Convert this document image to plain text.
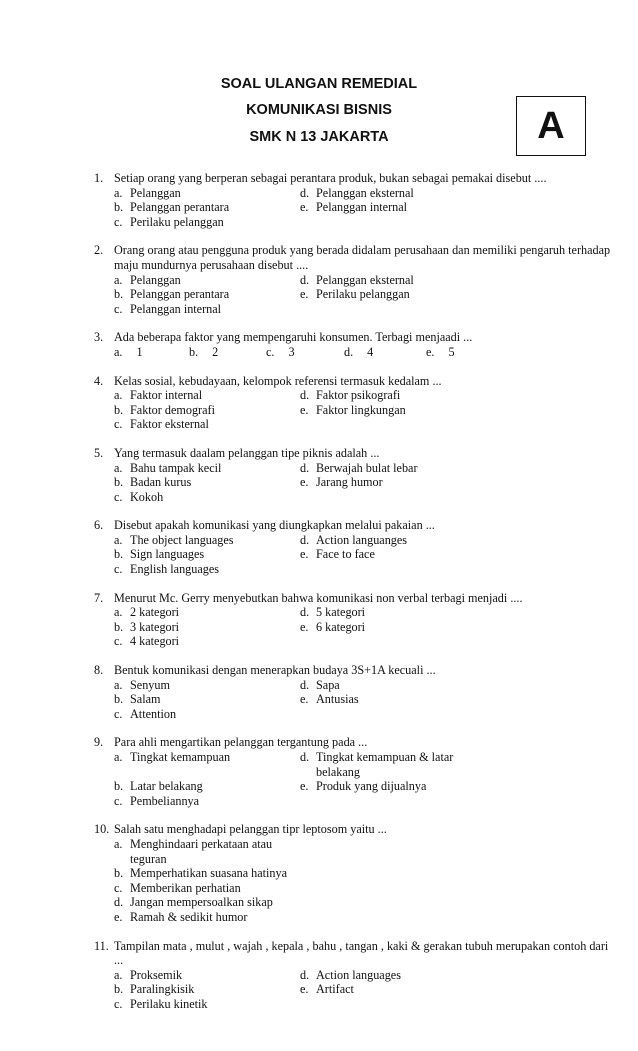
SOAL ULANGAN REMEDIAL
KOMUNIKASI BISNIS
SMK N 13 JAKARTA	A
1. Setiap orang yang berperan sebagai perantara produk, bukan sebagai pemakai disebut ....
a. Pelanggan	d. Pelanggan eksternal
b. Pelanggan perantara	e. Pelanggan internal
c. Perilaku pelanggan
2. Orang orang atau pengguna produk yang berada didalam perusahaan dan memiliki pengaruh terhadap maju mundurnya perusahaan disebut ....
a. Pelanggan	d. Pelanggan eksternal
b. Pelanggan perantara	e. Perilaku pelanggan
c. Pelanggan internal
3. Ada beberapa faktor yang mempengaruhi konsumen. Terbagi menjaadi ...
a. 1	b. 2	c. 3	d. 4	e. 5
4. Kelas sosial, kebudayaan, kelompok referensi termasuk kedalam ...
a. Faktor internal	d. Faktor psikografi
b. Faktor demografi	e. Faktor lingkungan
c. Faktor eksternal
5. Yang termasuk daalam pelanggan tipe piknis adalah ...
a. Bahu tampak kecil	d. Berwajah bulat lebar
b. Badan kurus	e. Jarang humor
c. Kokoh
6. Disebut apakah komunikasi yang diungkapkan melalui pakaian ...
a. The object languages	d. Action languanges
b. Sign languages	e. Face to face
c. English languages
7. Menurut Mc. Gerry menyebutkan bahwa komunikasi non verbal terbagi menjadi ....
a. 2 kategori	d. 5 kategori
b. 3 kategori	e. 6 kategori
c. 4 kategori
8. Bentuk komunikasi dengan menerapkan budaya 3S+1A kecuali ...
a. Senyum	d. Sapa
b. Salam	e. Antusias
c. Attention
9. Para ahli mengartikan pelanggan tergantung pada ...
a. Tingkat kemampuan	d. Tingkat kemampuan & latar belakang
b. Latar belakang	e. Produk yang dijualnya
c. Pembeliannya
10. Salah satu menghadapi pelanggan tipr leptosom yaitu ...
a. Menghindaari perkataan atau teguran
b. Memperhatikan suasana hatinya
c. Memberikan perhatian
d. Jangan mempersoalkan sikap
e. Ramah & sedikit humor
11. Tampilan mata , mulut , wajah , kepala , bahu , tangan , kaki & gerakan tubuh merupakan contoh dari ...
a. Proksemik	d. Action languages
b. Paralingkisik	e. Artifact
c. Perilaku kinetik
